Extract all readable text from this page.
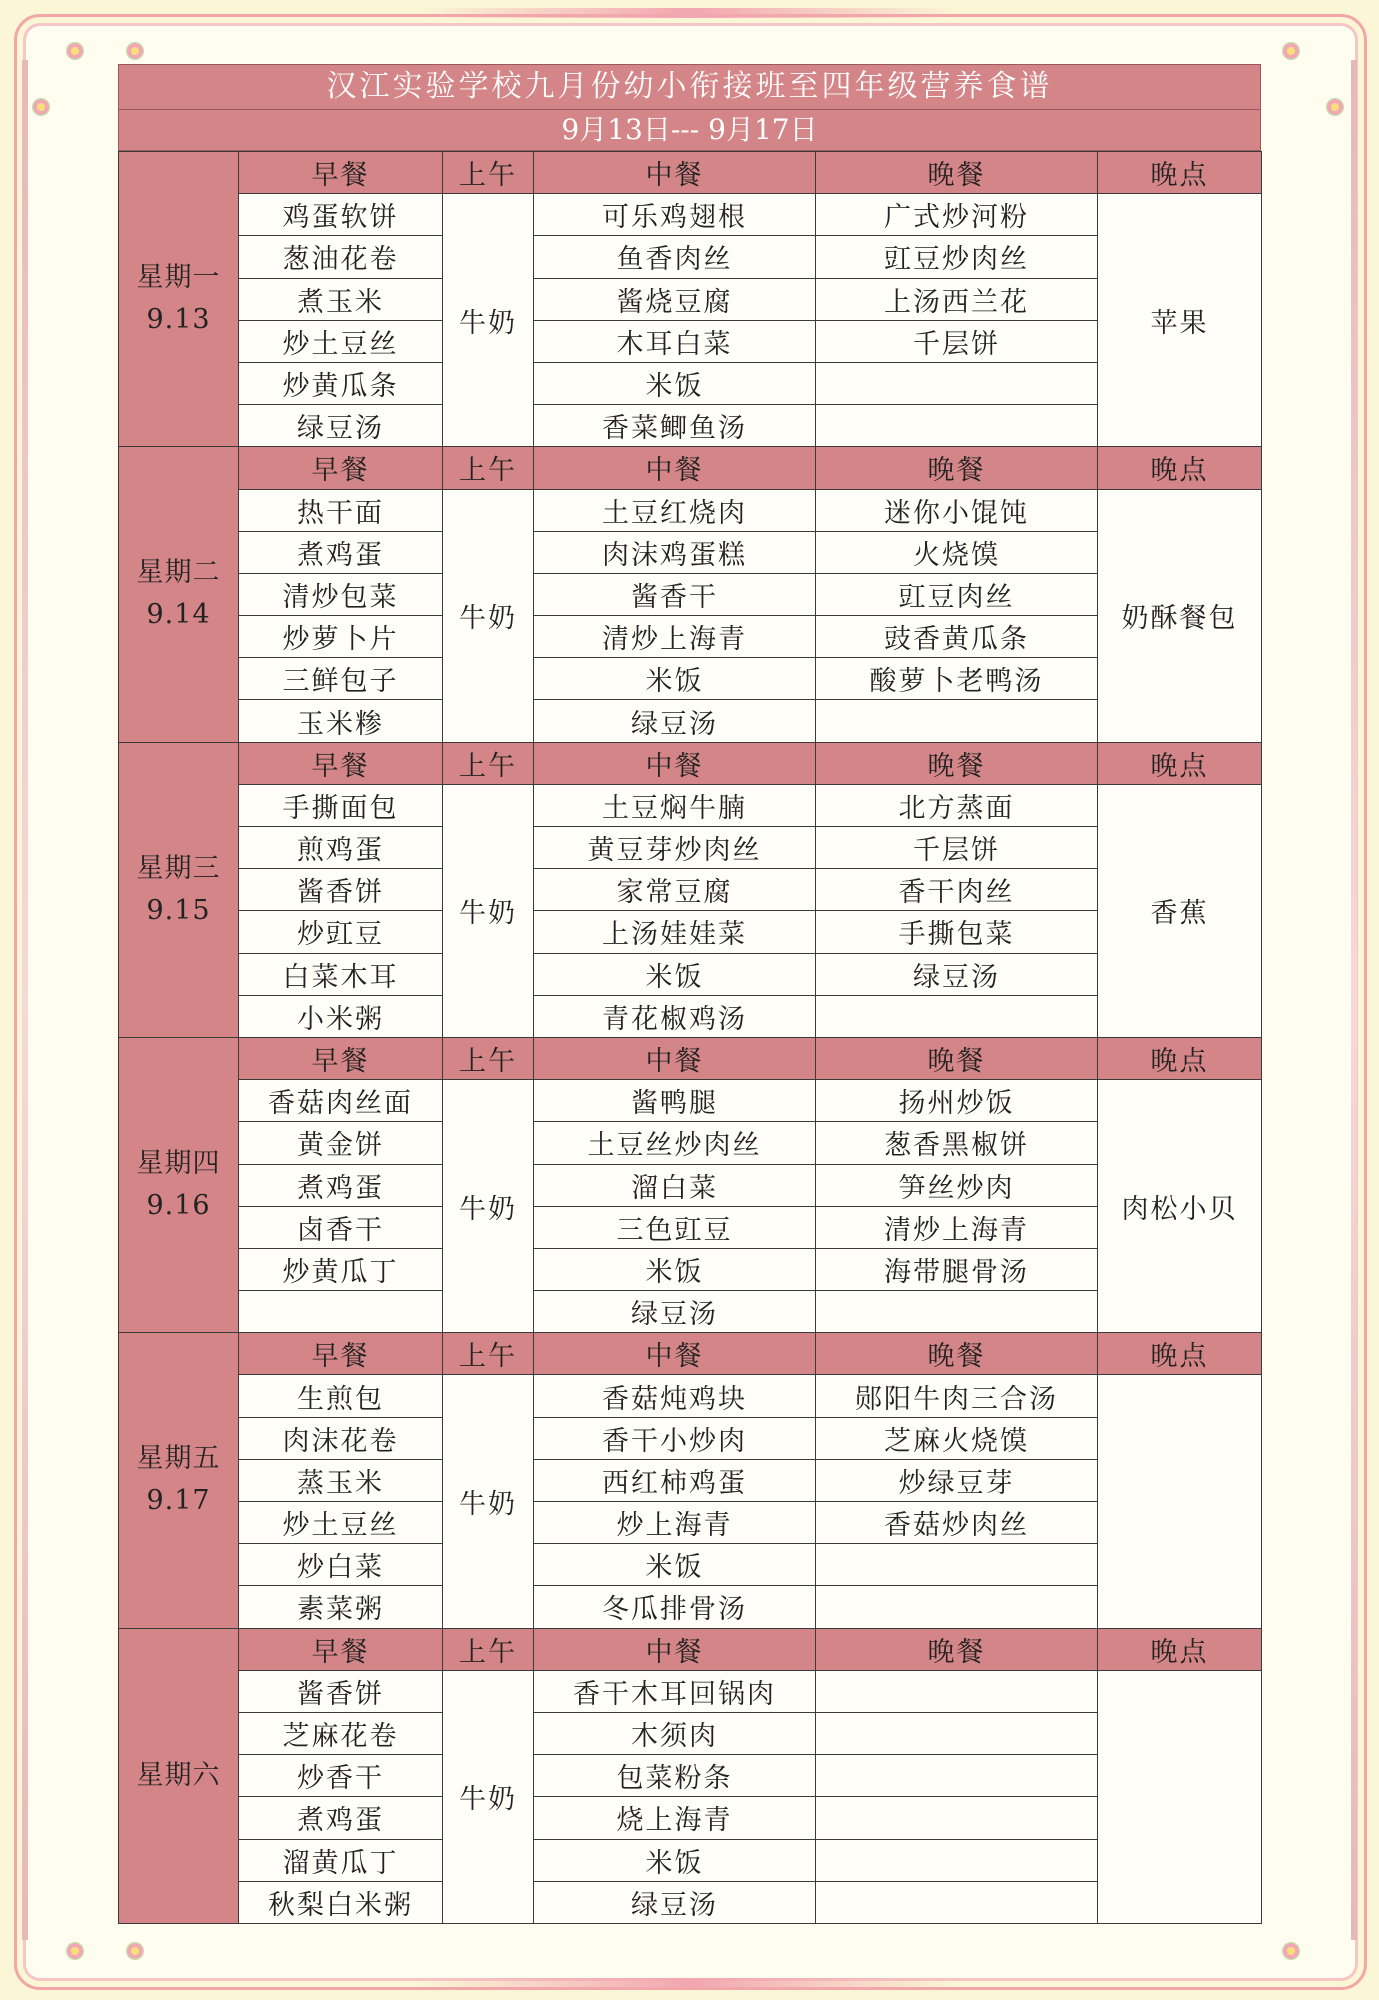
汉江实验学校九月份幼小衔接班至四年级营养食谱
9月13日--- 9月17日
星期一
9.13	早餐	上午	中餐	晚餐	晚点
	鸡蛋软饼	牛奶	可乐鸡翅根	广式炒河粉	苹果
	葱油花卷		鱼香肉丝	豇豆炒肉丝	
	煮玉米		酱烧豆腐	上汤西兰花	
	炒土豆丝		木耳白菜	千层饼	
	炒黄瓜条		米饭		
	绿豆汤		香菜鲫鱼汤		

星期二
9.14	早餐	上午	中餐	晚餐	晚点
	热干面	牛奶	土豆红烧肉	迷你小馄饨	奶酥餐包
	煮鸡蛋		肉沫鸡蛋糕	火烧馍	
	清炒包菜		酱香干	豇豆肉丝	
	炒萝卜片		清炒上海青	豉香黄瓜条	
	三鲜包子		米饭	酸萝卜老鸭汤	
	玉米糁		绿豆汤		

星期三
9.15	早餐	上午	中餐	晚餐	晚点
	手撕面包	牛奶	土豆焖牛腩	北方蒸面	香蕉
	煎鸡蛋		黄豆芽炒肉丝	千层饼	
	酱香饼		家常豆腐	香干肉丝	
	炒豇豆		上汤娃娃菜	手撕包菜	
	白菜木耳		米饭	绿豆汤	
	小米粥		青花椒鸡汤		

星期四
9.16	早餐	上午	中餐	晚餐	晚点
	香菇肉丝面	牛奶	酱鸭腿	扬州炒饭	肉松小贝
	黄金饼		土豆丝炒肉丝	葱香黑椒饼	
	煮鸡蛋		溜白菜	笋丝炒肉	
	卤香干		三色豇豆	清炒上海青	
	炒黄瓜丁		米饭	海带腿骨汤	
			绿豆汤		

星期五
9.17	早餐	上午	中餐	晚餐	晚点
	生煎包	牛奶	香菇炖鸡块	郧阳牛肉三合汤	
	肉沫花卷		香干小炒肉	芝麻火烧馍	
	蒸玉米		西红柿鸡蛋	炒绿豆芽	
	炒土豆丝		炒上海青	香菇炒肉丝	
	炒白菜		米饭		
	素菜粥		冬瓜排骨汤		

星期六	早餐	上午	中餐	晚餐	晚点
	酱香饼	牛奶	香干木耳回锅肉		
	芝麻花卷		木须肉		
	炒香干		包菜粉条		
	煮鸡蛋		烧上海青		
	溜黄瓜丁		米饭		
	秋梨白米粥		绿豆汤		
